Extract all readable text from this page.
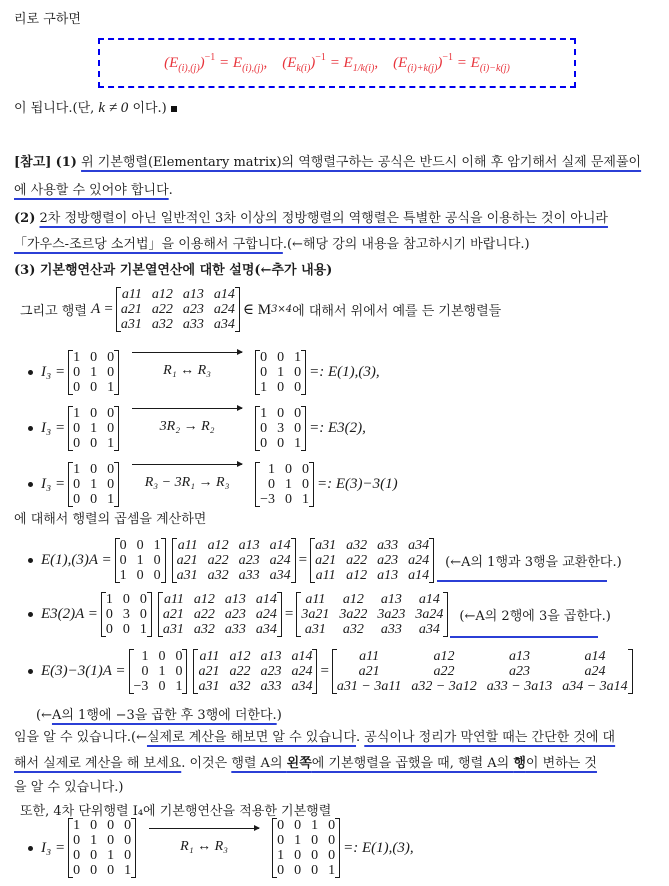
리로 구하면
$(E_{(i),(j)})^{-1} = E_{(i),(j)}$, $(E_{k(i)})^{-1} = E_{1/k(i)}$, $(E_{(i)+k(j)})^{-1} = E_{(i)-k(j)}$
이 됩니다.(단, k ≠ 0 이다.)
[참고] (1) 위 기본행렬(Elementary matrix)의 역행렬구하는 공식은 반드시 이해 후 암기해서 실제 문제풀이
에 사용할 수 있어야 합니다.
(2) 2차 정방행렬이 아닌 일반적인 3차 이상의 정방행렬의 역행렬은 특별한 공식을 이용하는 것이 아니라
「가우스-조르당 소거법」을 이용해서 구합니다.(←해당 강의 내용을 참고하시기 바랍니다.)
(3) 기본행연산과 기본열연산에 대한 설명(←추가 내용)
그리고 행렬
A
=
a11 a12 a13 a14
a21 a22 a23 a24
a31 a32 a33 a34
∈ M 3×4 에 대해서 위에서 예를 든 기본행렬들
I₃ =
1 0 0
0 1 0
0 0 1
R₁ ↔ R₃
0 0 1
0 1 0
1 0 0
=: E(1),(3),
I₃ =
1 0 0
0 1 0
0 0 1
3R₂ → R₂
1 0 0
0 3 0
0 0 1
=: E3(2),
I₃ =
1 0 0
0 1 0
0 0 1
R₃ − 3R₁ → R₃
1 0 0
0 1 0
−3 0 1
=: E(3)−3(1)
에 대해서 행렬의 곱셈을 계산하면
E(1),(3)A =
0 0 1
0 1 0
1 0 0
a11 a12 a13 a14
a21 a22 a23 a24
a31 a32 a33 a34
=
a31 a32 a33 a34
a21 a22 a23 a24
a11 a12 a13 a14
(←A의 1행과 3행을 교환한다.)
E3(2)A =
1 0 0
0 3 0
0 0 1
a11 a12 a13 a14
a21 a22 a23 a24
a31 a32 a33 a34
=
a11 a12 a13 a14
3a21 3a22 3a23 3a24
a31 a32 a33 a34
(←A의 2행에 3을 곱한다.)
E(3)−3(1)A =
1 0 0
0 1 0
−3 0 1
a11 a12 a13 a14
a21 a22 a23 a24
a31 a32 a33 a34
=
a11	a12	a13	a14
a21	a22	a23	a24
a31 − 3a11 a32 − 3a12 a33 − 3a13 a34 − 3a14
임을 알 수 있습니다.(←실제로 계산을 해보면 알 수 있습니다. 공식이나 정리가 막연할 때는 간단한 것에 대
해서 실제로 계산을 해 보세요. 이것은 행렬 A의 왼쪽에 기본행렬을 곱했을 때, 행렬 A의 행이 변하는 것
을 알 수 있습니다.)
또한, 4차 단위행렬 I₄에 기본행연산을 적용한 기본행렬
I₃ =
1 0 0 0
0 1 0 0
0 0 1 0
0 0 0 1
R₁ ↔ R₃
0 0 1 0
0 1 0 0
1 0 0 0
0 0 0 1
=: E(1),(3),
(←A의 1행에 −3을 곱한 후 3행에 더한다.)
